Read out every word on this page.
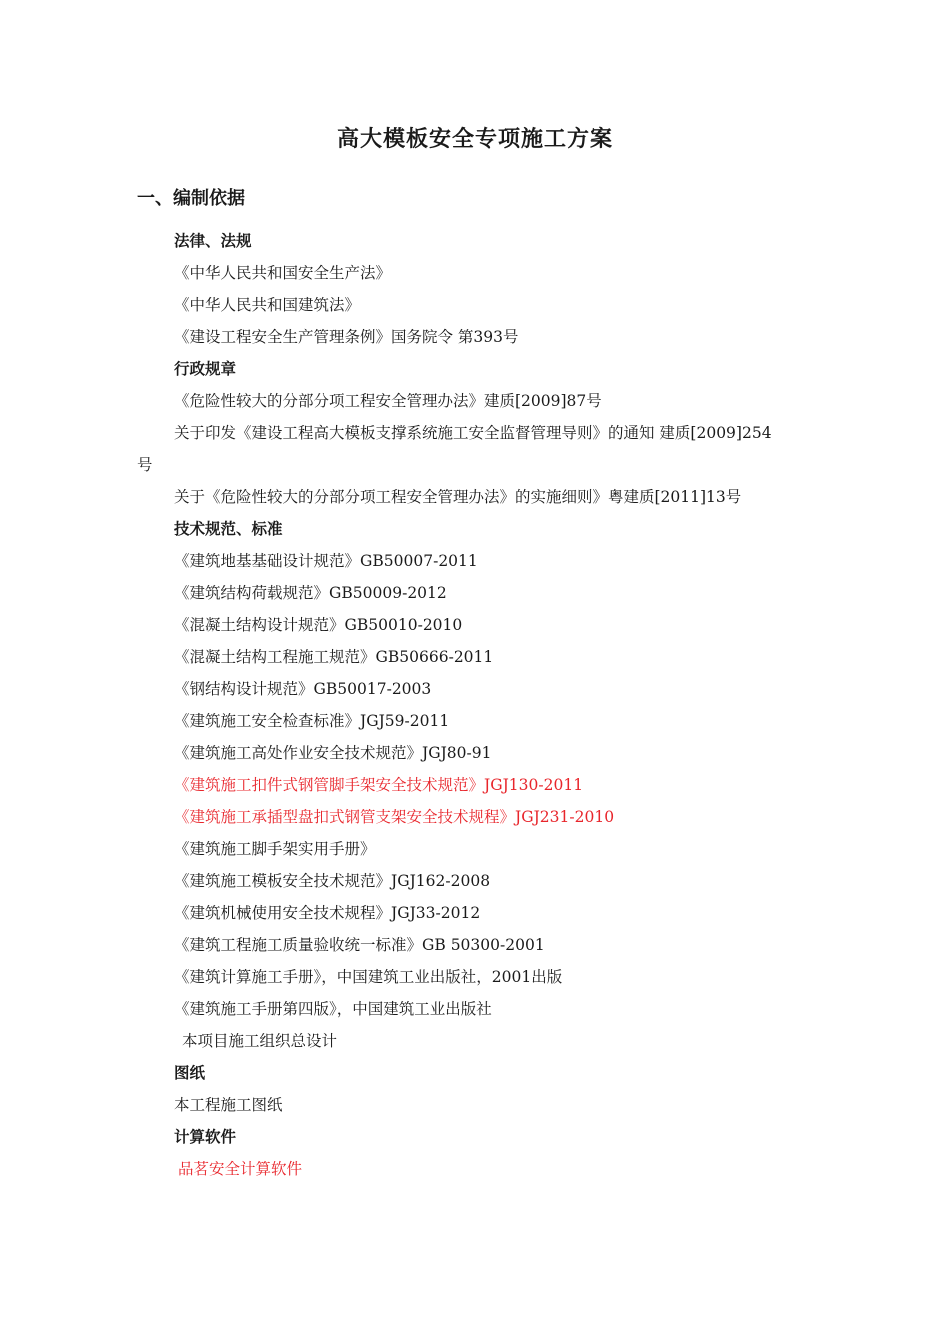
高大模板安全专项施工方案
一、编制依据
法律、法规
《中华人民共和国安全生产法》
《中华人民共和国建筑法》
《建设工程安全生产管理条例》国务院令 第393号
行政规章
《危险性较大的分部分项工程安全管理办法》建质[2009]87号
关于印发《建设工程高大模板支撑系统施工安全监督管理导则》的通知 建质[2009]254
号
关于《危险性较大的分部分项工程安全管理办法》的实施细则》粤建质[2011]13号
技术规范、标准
《建筑地基基础设计规范》GB50007-2011
《建筑结构荷载规范》GB50009-2012
《混凝土结构设计规范》GB50010-2010
《混凝土结构工程施工规范》GB50666-2011
《钢结构设计规范》GB50017-2003
《建筑施工安全检查标准》JGJ59-2011
《建筑施工高处作业安全技术规范》JGJ80-91
《建筑施工扣件式钢管脚手架安全技术规范》JGJ130-2011
《建筑施工承插型盘扣式钢管支架安全技术规程》JGJ231-2010
《建筑施工脚手架实用手册》
《建筑施工模板安全技术规范》JGJ162-2008
《建筑机械使用安全技术规程》JGJ33-2012
《建筑工程施工质量验收统一标准》GB 50300-2001
《建筑计算施工手册》，中国建筑工业出版社，2001出版
《建筑施工手册第四版》，中国建筑工业出版社
本项目施工组织总设计
图纸
本工程施工图纸
计算软件
品茗安全计算软件
